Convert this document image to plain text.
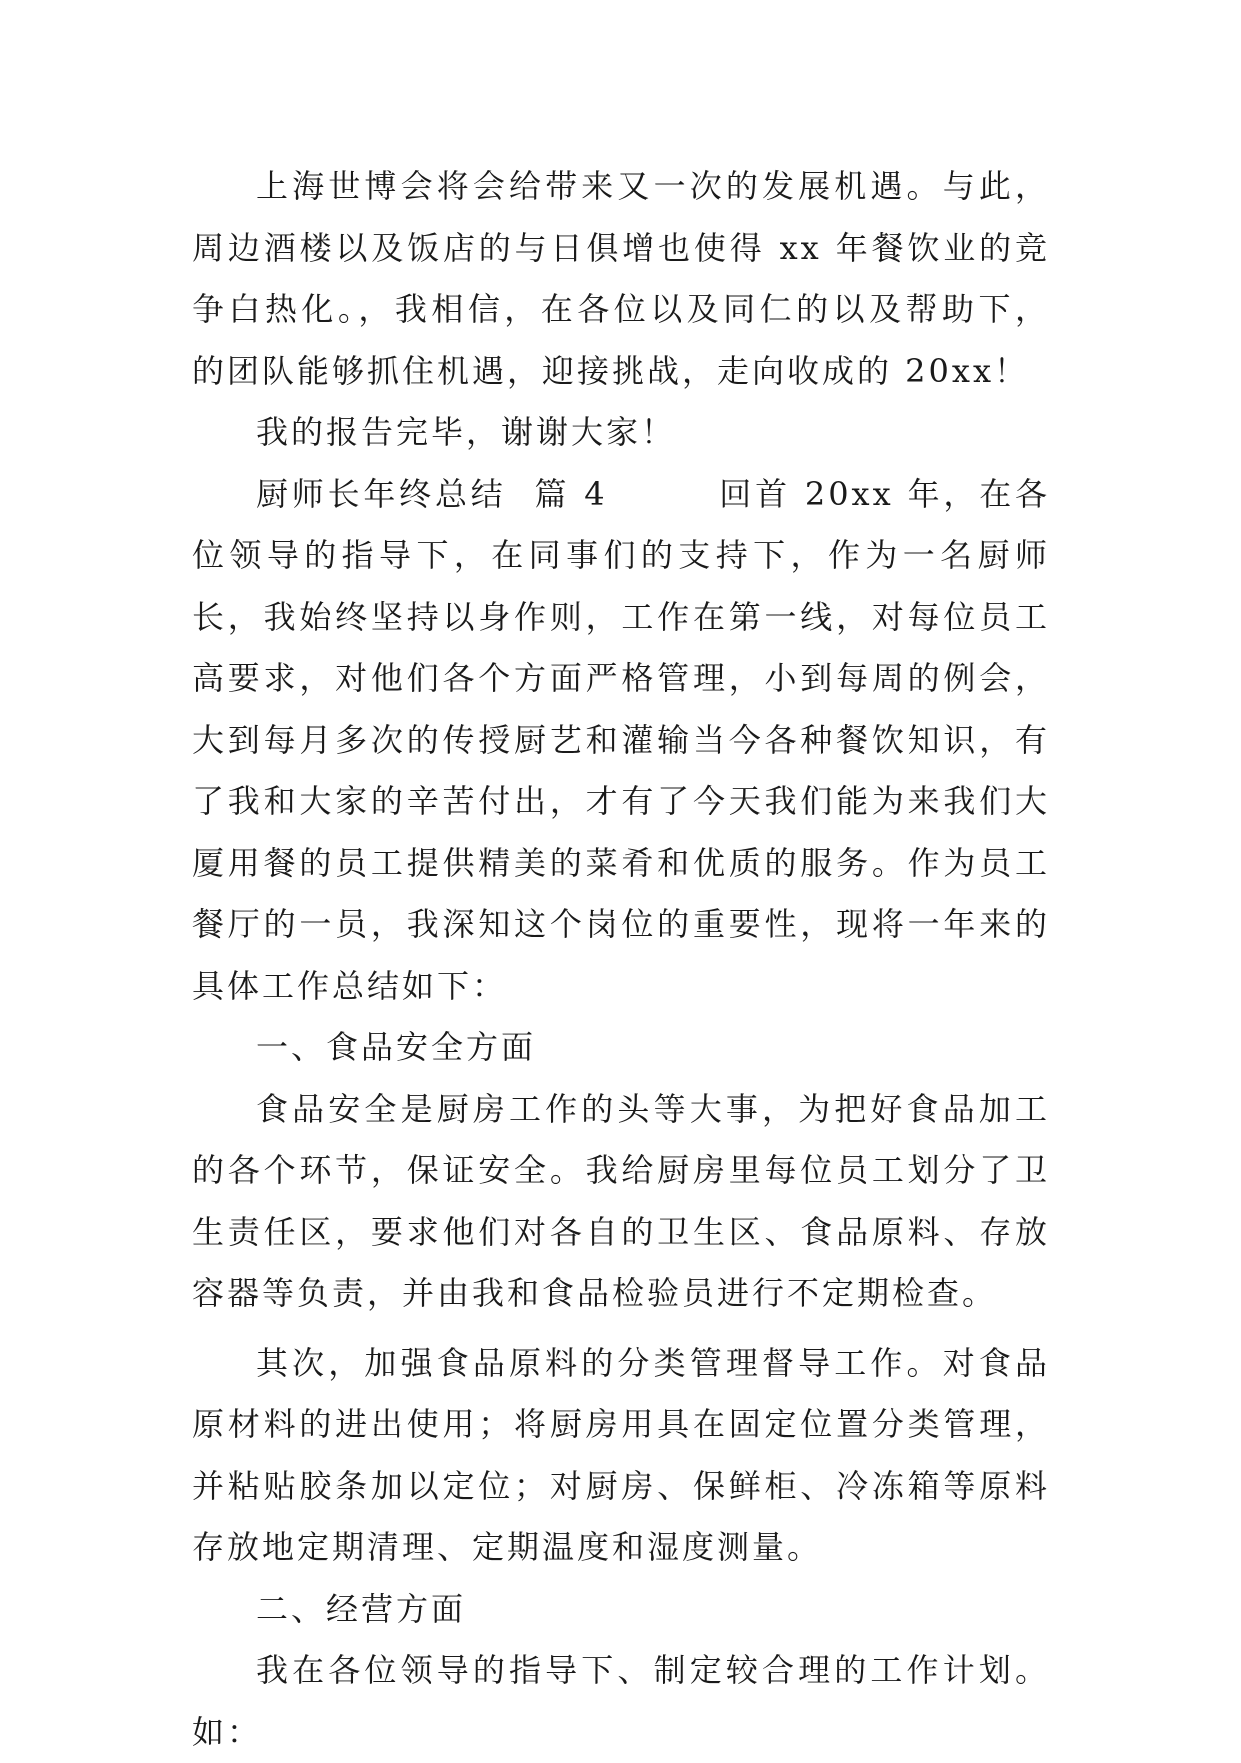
上海世博会将会给带来又一次的发展机遇。与此，周边酒楼以及饭店的与日俱增也使得 xx 年餐饮业的竞争白热化。，我相信，在各位以及同仁的以及帮助下，的团队能够抓住机遇，迎接挑战，走向收成的 20xx！

我的报告完毕，谢谢大家！

厨师长年终总结  篇 4        回首 20xx 年，在各位领导的指导下，在同事们的支持下，作为一名厨师长，我始终坚持以身作则，工作在第一线，对每位员工高要求，对他们各个方面严格管理，小到每周的例会，大到每月多次的传授厨艺和灌输当今各种餐饮知识，有了我和大家的辛苦付出，才有了今天我们能为来我们大厦用餐的员工提供精美的菜肴和优质的服务。作为员工餐厅的一员，我深知这个岗位的重要性，现将一年来的具体工作总结如下：

一、食品安全方面

食品安全是厨房工作的头等大事，为把好食品加工的各个环节，保证安全。我给厨房里每位员工划分了卫生责任区，要求他们对各自的卫生区、食品原料、存放容器等负责，并由我和食品检验员进行不定期检查。

其次，加强食品原料的分类管理督导工作。对食品原材料的进出使用；将厨房用具在固定位置分类管理，并粘贴胶条加以定位；对厨房、保鲜柜、冷冻箱等原料存放地定期清理、定期温度和湿度测量。

二、经营方面

我在各位领导的指导下、制定较合理的工作计划。如：
